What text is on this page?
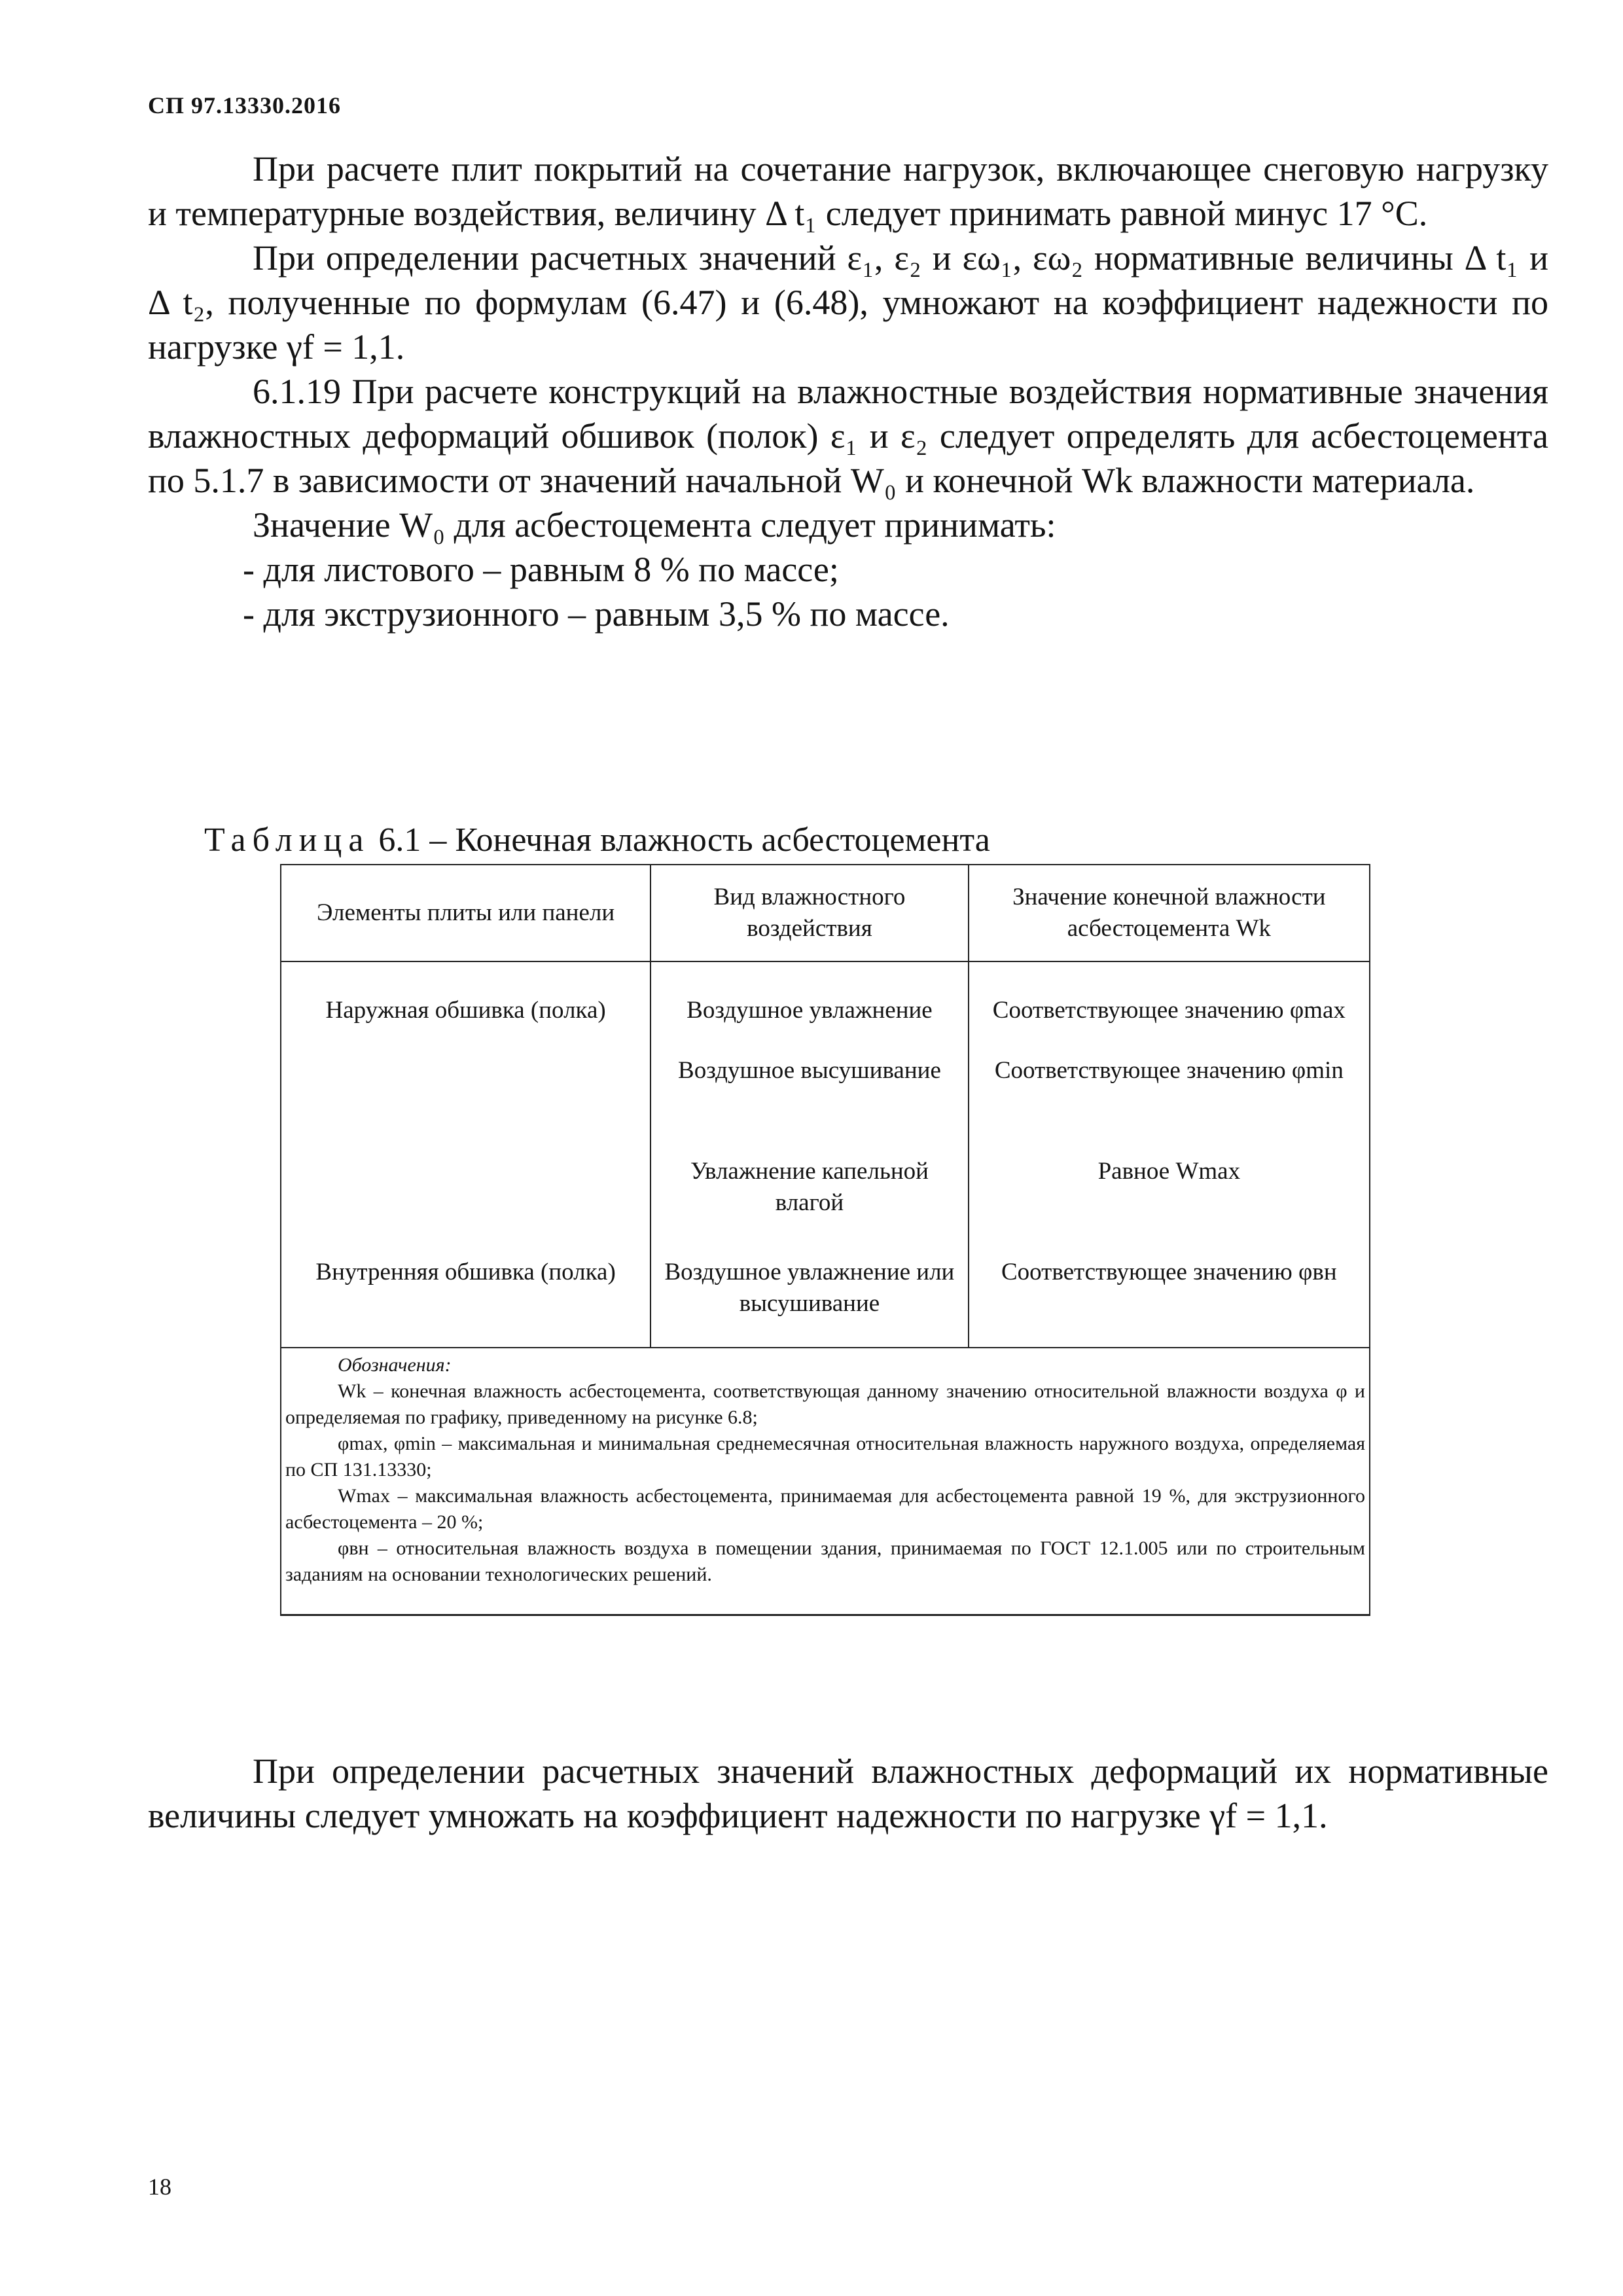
СП 97.13330.2016

При расчете плит покрытий на сочетание нагрузок, включающее снеговую нагрузку и температурные воздействия, величину Δ t₁ следует принимать равной минус 17 °С.

При определении расчетных значений ε₁, ε₂ и εω₁, εω₂ нормативные величины Δ t₁ и Δ t₂, полученные по формулам (6.47) и (6.48), умножают на коэффициент надежности по нагрузке γf = 1,1.

6.1.19 При расчете конструкций на влажностные воздействия нормативные значения влажностных деформаций обшивок (полок) ε₁ и ε₂ следует определять для асбестоцемента по 5.1.7 в зависимости от значений начальной W₀ и конечной Wk влажности материала.

Значение W₀ для асбестоцемента следует принимать:

- для листового – равным 8 % по массе;

- для экструзионного – равным 3,5 % по массе.

Таблица 6.1 – Конечная влажность асбестоцемента
Элементы плиты или панели	Вид влажностного воздействия	Значение конечной влажности асбестоцемента Wk
Наружная обшивка (полка)	Воздушное увлажнение	Соответствующее значению φmax
	Воздушное высушивание	Соответствующее значению φmin
	Увлажнение капельной влагой	Равное Wmax
Внутренняя обшивка (полка)	Воздушное увлажнение или высушивание	Соответствующее значению φвн

Обозначения:
Wk – конечная влажность асбестоцемента, соответствующая данному значению относительной влажности воздуха φ и определяемая по графику, приведенному на рисунке 6.8;
φmax, φmin – максимальная и минимальная среднемесячная относительная влажность наружного воздуха, определяемая по СП 131.13330;
Wmax – максимальная влажность асбестоцемента, принимаемая для асбестоцемента равной 19 %, для экструзионного асбестоцемента – 20 %;
φвн – относительная влажность воздуха в помещении здания, принимаемая по ГОСТ 12.1.005 или по строительным заданиям на основании технологических решений.		

При определении расчетных значений влажностных деформаций их нормативные величины следует умножать на коэффициент надежности по нагрузке γf = 1,1.

18
